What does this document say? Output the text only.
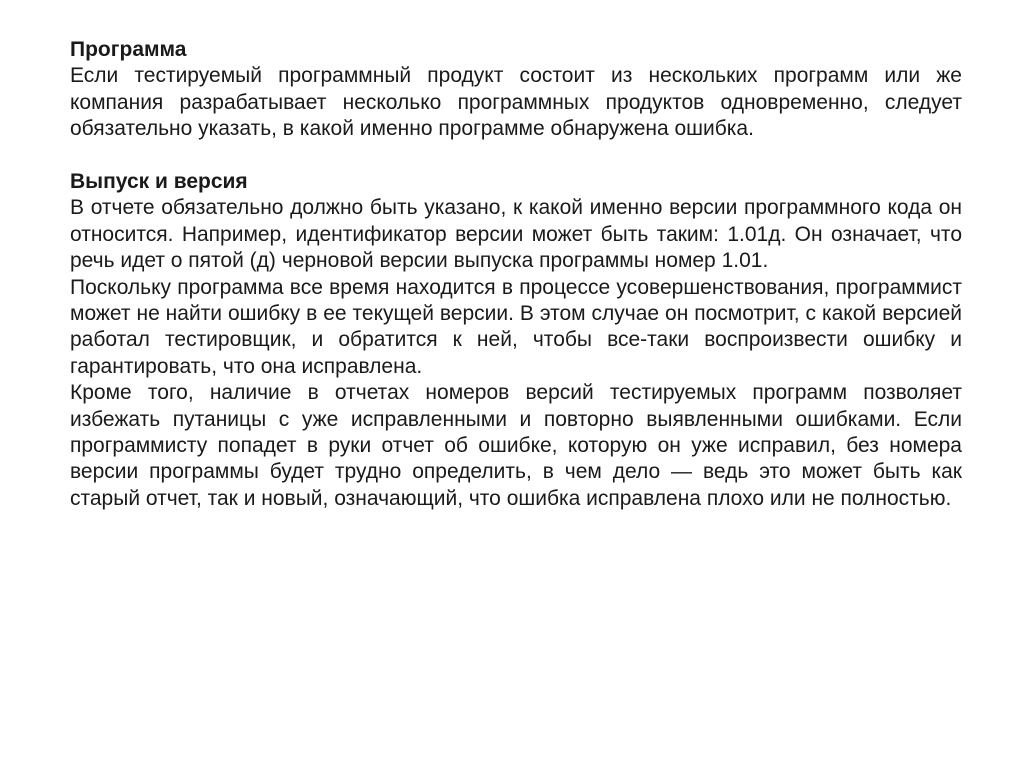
Программа

Если тестируемый программный продукт состоит из нескольких программ или же компания разрабатывает несколько программных продуктов одновременно, следует обязательно указать, в какой именно программе обнаружена ошибка.

Выпуск и версия

В отчете обязательно должно быть указано, к какой именно версии программного кода он относится. Например, идентификатор версии может быть таким: 1.01д. Он означает, что речь идет о пятой (д) черновой версии выпуска программы номер 1.01.

Поскольку программа все время находится в процессе усовершенствования, программист может не найти ошибку в ее текущей версии. В этом случае он посмотрит, с какой версией работал тестировщик, и обратится к ней, чтобы все-таки воспроизвести ошибку и гарантировать, что она исправлена.

Кроме того, наличие в отчетах номеров версий тестируемых программ позволяет избежать путаницы с уже исправленными и повторно выявленными ошибками. Если программисту попадет в руки отчет об ошибке, которую он уже исправил, без номера версии программы будет трудно определить, в чем дело — ведь это может быть как старый отчет, так и новый, означающий, что ошибка исправлена плохо или не полностью.
